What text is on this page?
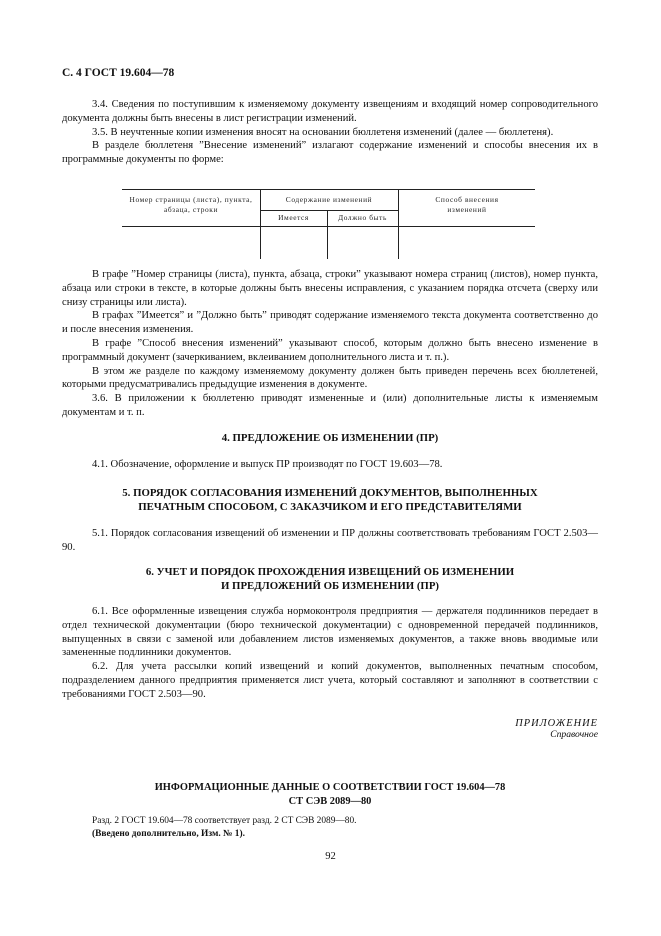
С. 4 ГОСТ 19.604—78

3.4. Сведения по поступившим к изменяемому документу извещениям и входящий номер сопроводительного документа должны быть внесены в лист регистрации изменений.

3.5. В неучтенные копии изменения вносят на основании бюллетеня изменений (далее — бюллетеня).

В разделе бюллетеня ”Внесение изменений” излагают содержание изменений и способы внесения их в программные документы по форме:

Номер страницы (листа), пункта, абзаца, строки
Содержание изменений
Имеется	Должно быть
Способ внесения изменений

В графе ”Номер страницы (листа), пункта, абзаца, строки” указывают номера страниц (листов), номер пункта, абзаца или строки в тексте, в которые должны быть внесены исправления, с указанием порядка отсчета (сверху или снизу страницы или листа).

В графах ”Имеется” и ”Должно быть” приводят содержание изменяемого текста документа соответственно до и после внесения изменения.

В графе ”Способ внесения изменений” указывают способ, которым должно быть внесено изменение в программный документ (зачеркиванием, вклеиванием дополнительного листа и т. п.).

В этом же разделе по каждому изменяемому документу должен быть приведен перечень всех бюллетеней, которыми предусматривались предыдущие изменения в документе.

3.6. В приложении к бюллетеню приводят измененные и (или) дополнительные листы к изменяемым документам и т. п.

4. ПРЕДЛОЖЕНИЕ ОБ ИЗМЕНЕНИИ (ПР)

4.1. Обозначение, оформление и выпуск ПР производят по ГОСТ 19.603—78.

5. ПОРЯДОК СОГЛАСОВАНИЯ ИЗМЕНЕНИЙ ДОКУМЕНТОВ, ВЫПОЛНЕННЫХ
ПЕЧАТНЫМ СПОСОБОМ, С ЗАКАЗЧИКОМ И ЕГО ПРЕДСТАВИТЕЛЯМИ

5.1. Порядок согласования извещений об изменении и ПР должны соответствовать требованиям ГОСТ 2.503—90.

6. УЧЕТ И ПОРЯДОК ПРОХОЖДЕНИЯ ИЗВЕЩЕНИЙ ОБ ИЗМЕНЕНИИ
И ПРЕДЛОЖЕНИЙ ОБ ИЗМЕНЕНИИ (ПР)

6.1. Все оформленные извещения служба нормоконтроля предприятия — держателя подлинников передает в отдел технической документации (бюро технической документации) с одновременной передачей подлинников, выпущенных в связи с заменой или добавлением листов изменяемых документов, а также вновь вводимые или замененные подлинники документов.

6.2. Для учета рассылки копий извещений и копий документов, выполненных печатным способом, подразделением данного предприятия применяется лист учета, который составляют и заполняют в соответствии с требованиями ГОСТ 2.503—90.

ПРИЛОЖЕНИЕ
Справочное
ИНФОРМАЦИОННЫЕ ДАННЫЕ О СООТВЕТСТВИИ ГОСТ 19.604—78
СТ СЭВ 2089—80
Разд. 2 ГОСТ 19.604—78 соответствует разд. 2 СТ СЭВ 2089—80.
(Введено дополнительно, Изм. № 1).
92
